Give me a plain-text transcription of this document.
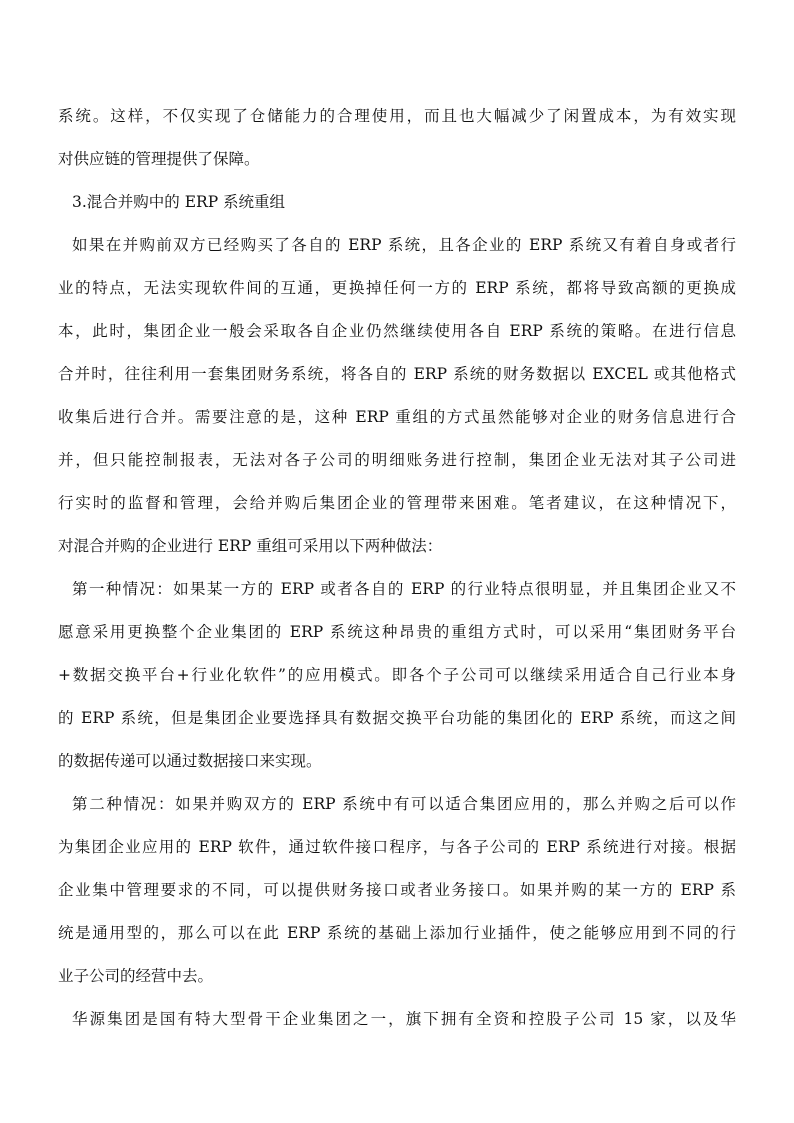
系统。这样，不仅实现了仓储能力的合理使用，而且也大幅减少了闲置成本，为有效实现
对供应链的管理提供了保障。
3.混合并购中的 ERP 系统重组
如果在并购前双方已经购买了各自的 ERP 系统，且各企业的 ERP 系统又有着自身或者行
业的特点，无法实现软件间的互通，更换掉任何一方的 ERP 系统，都将导致高额的更换成
本，此时，集团企业一般会采取各自企业仍然继续使用各自 ERP 系统的策略。在进行信息
合并时，往往利用一套集团财务系统，将各自的 ERP 系统的财务数据以 EXCEL 或其他格式
收集后进行合并。需要注意的是，这种 ERP 重组的方式虽然能够对企业的财务信息进行合
并，但只能控制报表，无法对各子公司的明细账务进行控制，集团企业无法对其子公司进
行实时的监督和管理，会给并购后集团企业的管理带来困难。笔者建议，在这种情况下，
对混合并购的企业进行 ERP 重组可采用以下两种做法：
第一种情况：如果某一方的 ERP 或者各自的 ERP 的行业特点很明显，并且集团企业又不
愿意采用更换整个企业集团的 ERP 系统这种昂贵的重组方式时，可以采用“集团财务平台
+数据交换平台+行业化软件”的应用模式。即各个子公司可以继续采用适合自己行业本身
的 ERP 系统，但是集团企业要选择具有数据交换平台功能的集团化的 ERP 系统，而这之间
的数据传递可以通过数据接口来实现。
第二种情况：如果并购双方的 ERP 系统中有可以适合集团应用的，那么并购之后可以作
为集团企业应用的 ERP 软件，通过软件接口程序，与各子公司的 ERP 系统进行对接。根据
企业集中管理要求的不同，可以提供财务接口或者业务接口。如果并购的某一方的 ERP 系
统是通用型的，那么可以在此 ERP 系统的基础上添加行业插件，使之能够应用到不同的行
业子公司的经营中去。
华源集团是国有特大型骨干企业集团之一，旗下拥有全资和控股子公司 15 家，以及华
